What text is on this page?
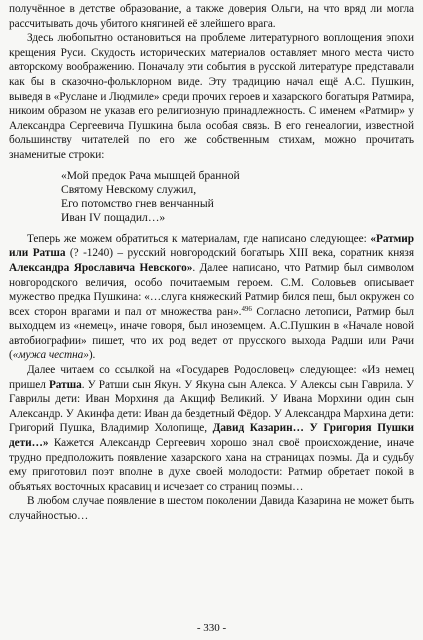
получённое в детстве образование, а также доверия Ольги, на что вряд ли могла рассчитывать дочь убитого княгиней её злейшего врага.

Здесь любопытно остановиться на проблеме литературного воплощения эпохи крещения Руси. Скудость исторических материалов оставляет много места чисто авторскому воображению. Поначалу эти события в русской литературе представали как бы в сказочно-фольклорном виде. Эту традицию начал ещё А.С. Пушкин, выведя в «Руслане и Людмиле» среди прочих героев и хазарского богатыря Ратмира, никоим образом не указав его религиозную принадлежность. С именем «Ратмир» у Александра Сергеевича Пушкина была особая связь. В его генеалогии, известной большинству читателей по его же собственным стихам, можно прочитать знаменитые строки:

«Мой предок Рача мышцей бранной
Святому Невскому служил,
Его потомство гнев венчанный
Иван IV пощадил…»

Теперь же можем обратиться к материалам, где написано следующее: «Ратмир или Ратша (? -1240) – русский новгородский богатырь XIII века, соратник князя Александра Ярославича Невского». Далее написано, что Ратмир был символом новгородского величия, особо почитаемым героем. С.М. Соловьев описывает мужество предка Пушкина: «…слуга княжеский Ратмир бился пеш, был окружен со всех сторон врагами и пал от множества ран».$^{496}$ Согласно летописи, Ратмир был выходцем из «немец», иначе говоря, был иноземцем. А.С.Пушкин в «Начале новой автобиографии» пишет, что их род ведет от прусского выхода Радши или Рачи («мужа честна»).

Далее читаем со ссылкой на «Государев Родословец» следующее: «Из немец пришел Ратша. У Ратши сын Якун. У Якуна сын Алекса. У Алексы сын Гаврила. У Гаврилы дети: Иван Морхиня да Акщиф Великий. У Ивана Морхини один сын Александр. У Акинфа дети: Иван да бездетный Фёдор. У Александра Мархина дети: Григорий Пушка, Владимир Холопище, Давид Казарин… У Григория Пушки дети…» Кажется Александр Сергеевич хорошо знал своё происхождение, иначе трудно предположить появление хазарского хана на страницах поэмы. Да и судьбу ему приготовил поэт вполне в духе своей молодости: Ратмир обретает покой в объятьях восточных красавиц и исчезает со страниц поэмы…

В любом случае появление в шестом поколении Давида Казарина не может быть случайностью…

- 330 -
